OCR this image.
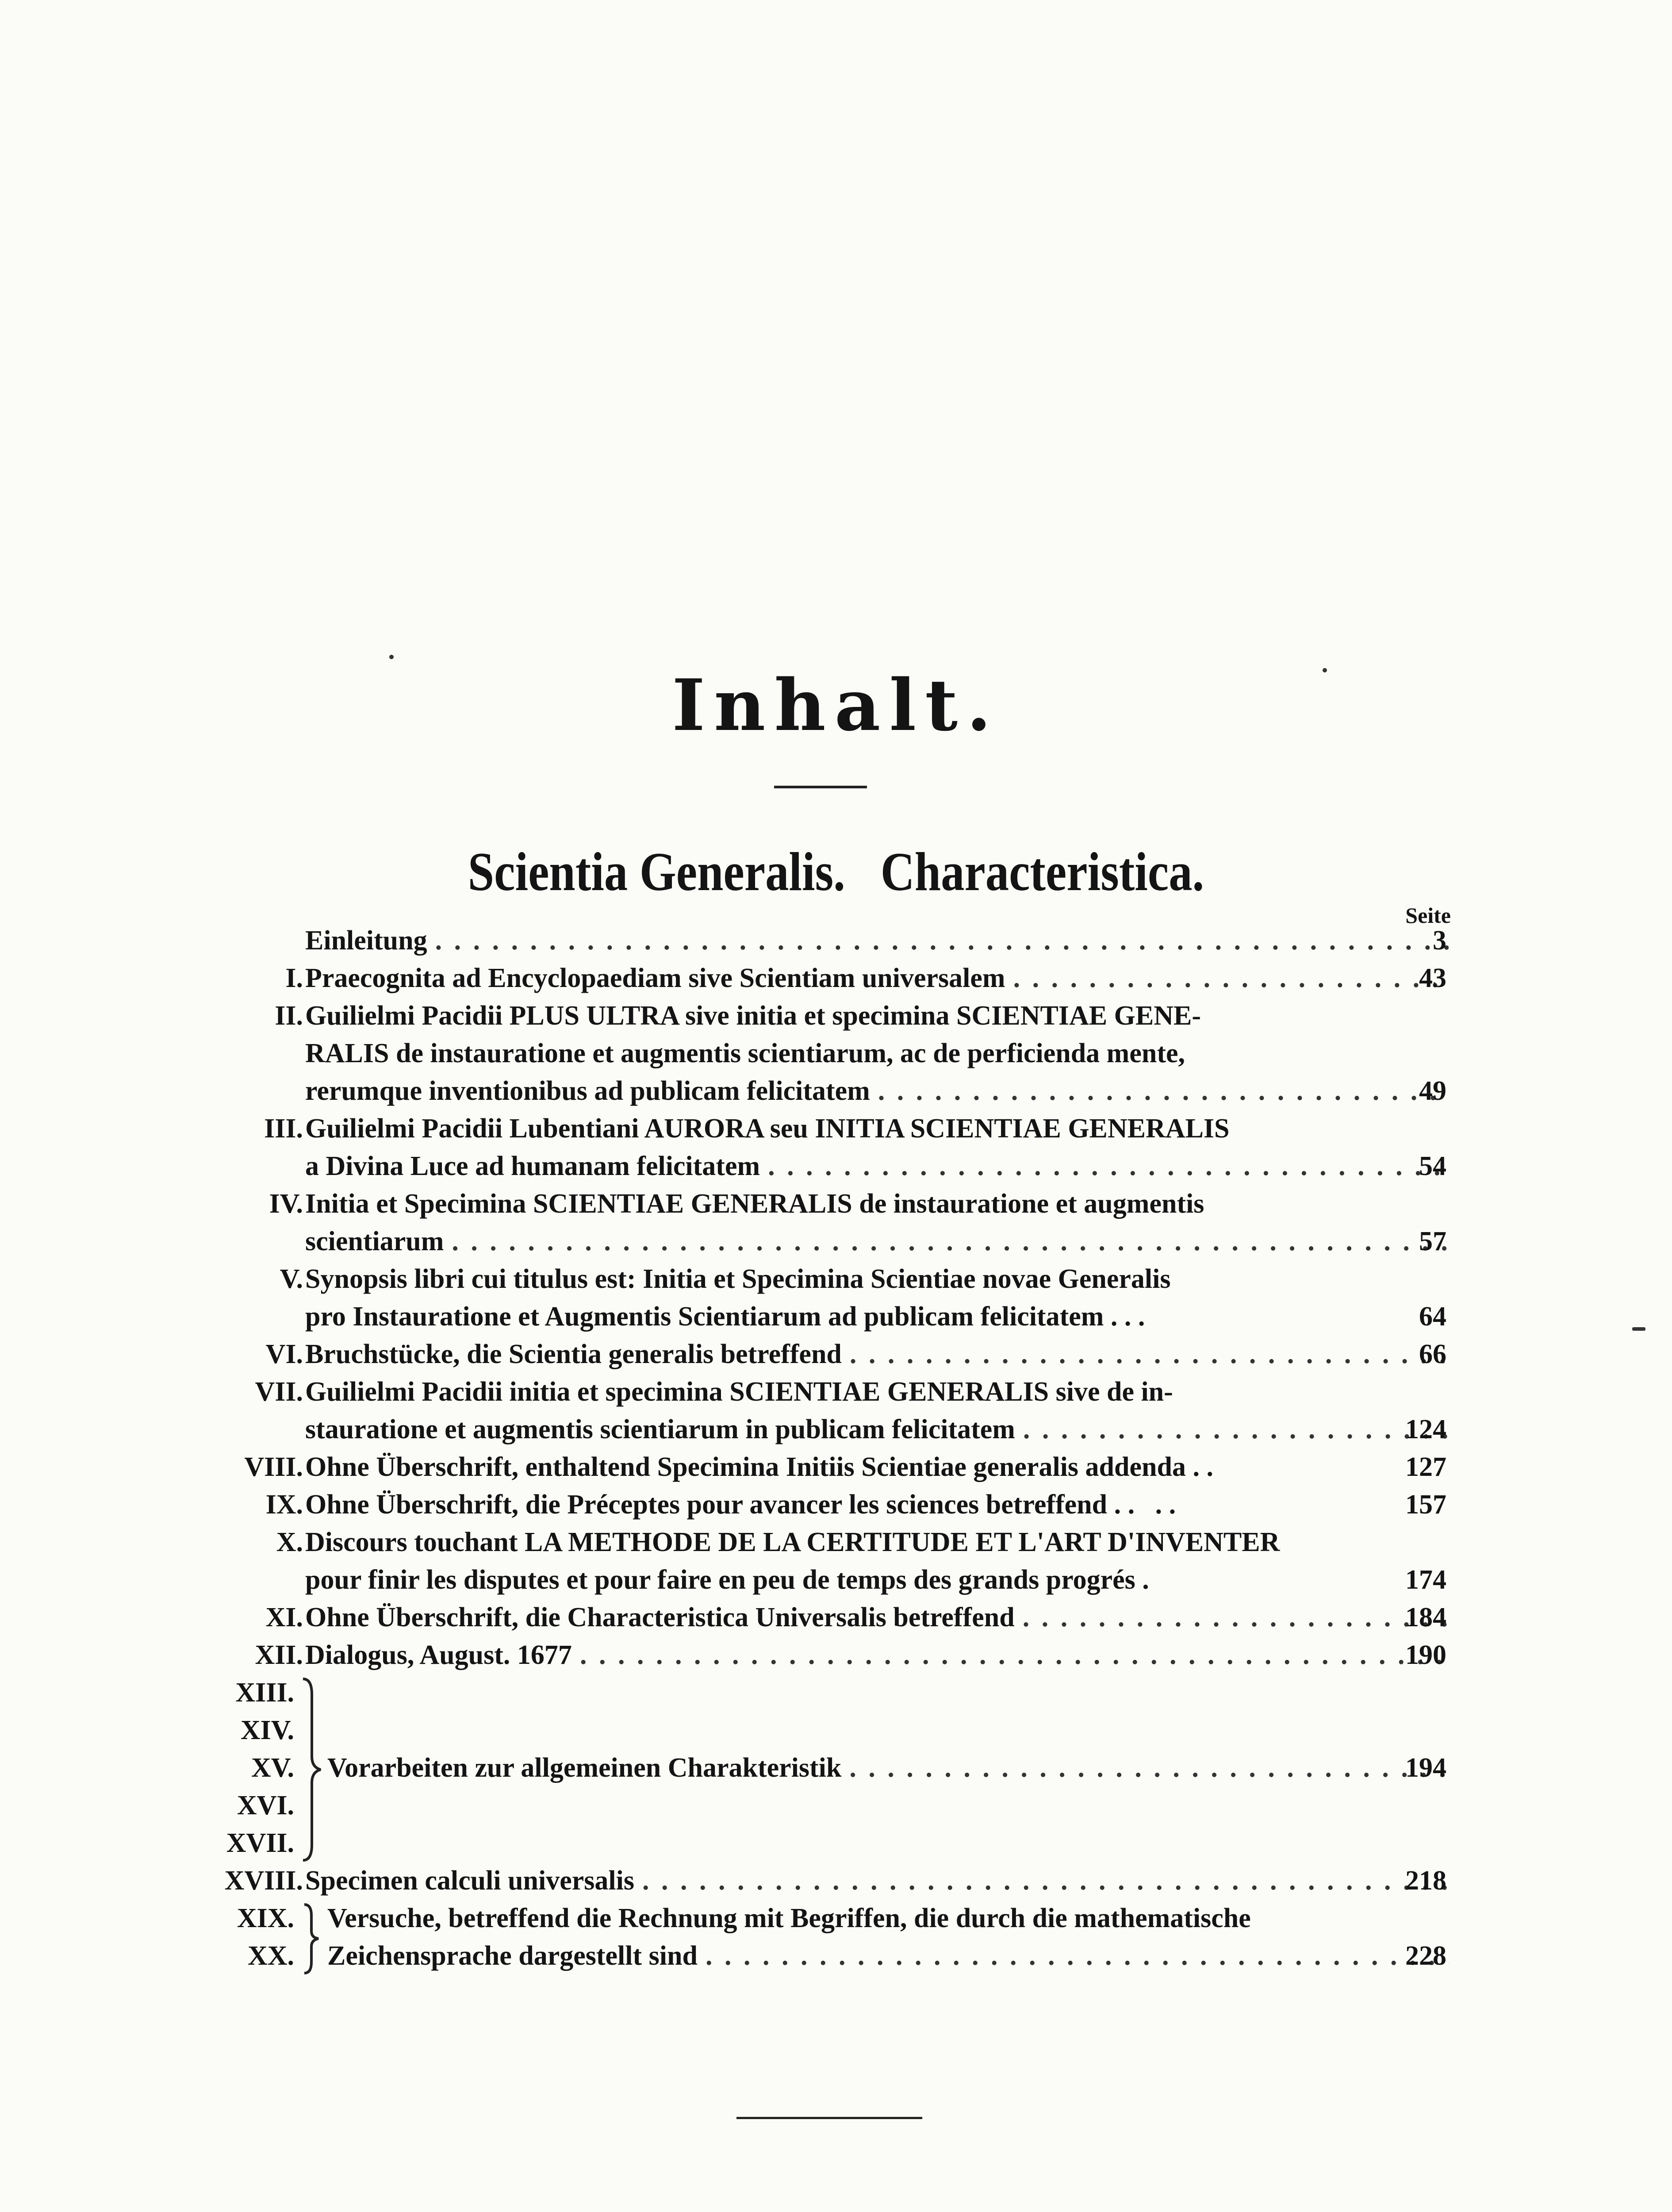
Inhalt.
Scientia Generalis.   Characteristica.
Seite
Einleitung . . .	3
I. Praecognita ad Encyclopaediam sive Scientiam universalem . . .	43
II. Guilielmi Pacidii PLUS ULTRA sive initia et specimina SCIENTIAE GENE-
RALIS de instauratione et augmentis scientiarum, ac de perficienda mente,
rerumque inventionibus ad publicam felicitatem . . .	49
III. Guilielmi Pacidii Lubentiani AURORA seu INITIA SCIENTIAE GENERALIS
a Divina Luce ad humanam felicitatem . . .	54
IV. Initia et Specimina SCIENTIAE GENERALIS de instauratione et augmentis
scientiarum . . .	57
V. Synopsis libri cui titulus est: Initia et Specimina Scientiae novae Generalis
pro Instauratione et Augmentis Scientiarum ad publicam felicitatem . . .	64
VI. Bruchstücke, die Scientia generalis betreffend . . .	66
VII. Guilielmi Pacidii initia et specimina SCIENTIAE GENERALIS sive de in-
stauratione et augmentis scientiarum in publicam felicitatem . . .	124
VIII. Ohne Überschrift, enthaltend Specimina Initiis Scientiae generalis addenda . .	127
IX. Ohne Überschrift, die Préceptes pour avancer les sciences betreffend . .   . .	157
X. Discours touchant LA METHODE DE LA CERTITUDE ET L'ART D'INVENTER
pour finir les disputes et pour faire en peu de temps des grands progrés .	174
XI. Ohne Überschrift, die Characteristica Universalis betreffend . . .	184
XII. Dialogus, August. 1677 . . .	190
XIII.
XIV.
XV. Vorarbeiten zur allgemeinen Charakteristik . . .	194
XVI.
XVII.
XVIII. Specimen calculi universalis . . .	218
XIX. Versuche, betreffend die Rechnung mit Begriffen, die durch die mathematische
XX. Zeichensprache dargestellt sind . . .	228
